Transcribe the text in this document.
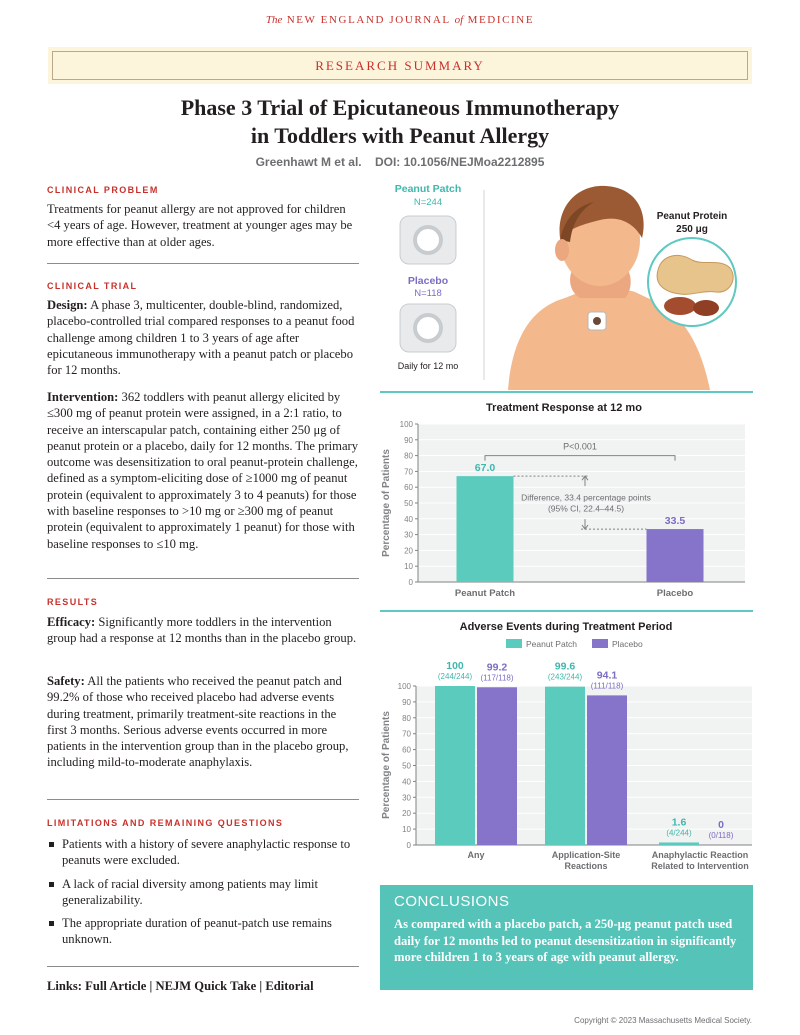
The NEW ENGLAND JOURNAL of MEDICINE
RESEARCH SUMMARY
Phase 3 Trial of Epicutaneous Immunotherapy
in Toddlers with Peanut Allergy
Greenhawt M et al.    DOI: 10.1056/NEJMoa2212895
CLINICAL PROBLEM
Treatments for peanut allergy are not approved for children <4 years of age. However, treatment at younger ages may be more effective than at older ages.
CLINICAL TRIAL
Design: A phase 3, multicenter, double-blind, randomized, placebo-controlled trial compared responses to a peanut food challenge among children 1 to 3 years of age after epicutaneous immunotherapy with a peanut patch or placebo for 12 months.
Intervention: 362 toddlers with peanut allergy elicited by ≤300 mg of peanut protein were assigned, in a 2:1 ratio, to receive an interscapular patch, containing either 250 μg of peanut protein or a placebo, daily for 12 months. The primary outcome was desensitization to oral peanut-protein challenge, defined as a symptom-eliciting dose of ≥1000 mg of peanut protein (equivalent to approximately 3 to 4 peanuts) for those with baseline responses to >10 mg or ≥300 mg of peanut protein (equivalent to approximately 1 peanut) for those with baseline responses to ≤10 mg.
RESULTS
Efficacy: Significantly more toddlers in the intervention group had a response at 12 months than in the placebo group.
Safety: All the patients who received the peanut patch and 99.2% of those who received placebo had adverse events during treatment, primarily treatment-site reactions in the first 3 months. Serious adverse events occurred in more patients in the intervention group than in the placebo group, including mild-to-moderate anaphylaxis.
LIMITATIONS AND REMAINING QUESTIONS
Patients with a history of severe anaphylactic response to peanuts were excluded.
A lack of racial diversity among patients may limit generalizability.
The appropriate duration of peanut-patch use remains unknown.
Links: Full Article | NEJM Quick Take | Editorial
Peanut Patch
N=244
Placebo
N=118
Daily for 12 mo
Peanut Protein
250 μg
Treatment Response at 12 mo
Percentage of Patients
0
10
20
30
40
50
60
70
80
90
100
67.0
Peanut Patch
33.5
Placebo
P<0.001
Difference, 33.4 percentage points
(95% CI, 22.4–44.5)
Adverse Events during Treatment Period
Peanut Patch	Placebo
Percentage of Patients
0
10
20
30
40
50
60
70
80
90
100
100
(244/244)
99.2
(117/118)
Any
99.6
(243/244) 94.1
(111/118)
Application-Site
Reactions
1.6
(4/244)
0
(0/118)
Anaphylactic Reaction
Related to Intervention
CONCLUSIONS
As compared with a placebo patch, a 250-μg peanut patch used daily for 12 months led to peanut desensitization in significantly more children 1 to 3 years of age with peanut allergy.
Copyright © 2023 Massachusetts Medical Society.
